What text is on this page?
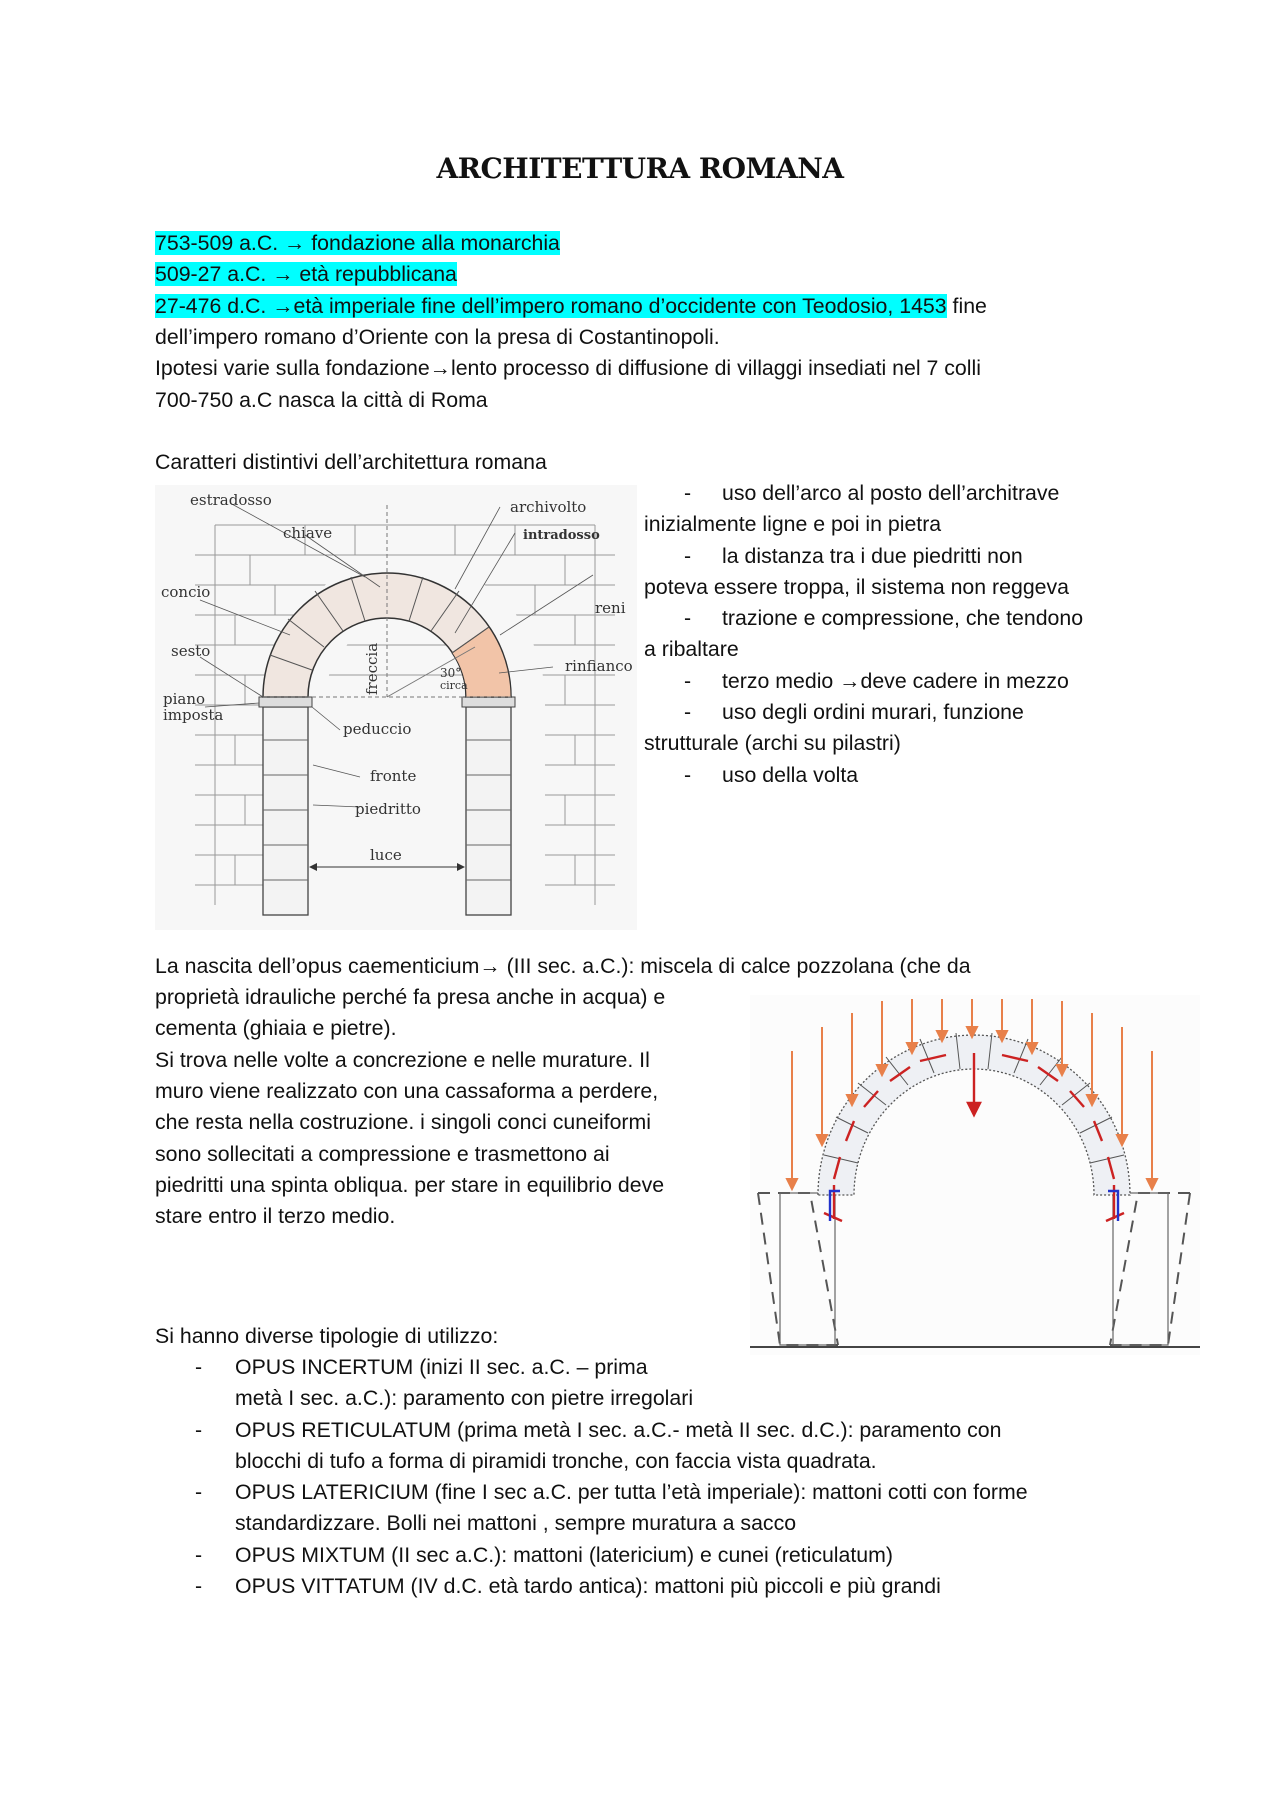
ARCHITETTURA ROMANA
753-509 a.C. → fondazione alla monarchia
509-27 a.C. → età repubblicana
27-476 d.C. →età imperiale fine dell’impero romano d’occidente con Teodosio, 1453 fine
dell’impero romano d’Oriente con la presa di Costantinopoli.
Ipotesi varie sulla fondazione→lento processo di diffusione di villaggi insediati nel 7 colli
700-750 a.C nasca la città di Roma
Caratteri distintivi dell’architettura romana
- uso dell’arco al posto dell’architrave
inizialmente ligne e poi in pietra
- la distanza tra i due piedritti non
poteva essere troppa, il sistema non reggeva
- trazione e compressione, che tendono
a ribaltare
- terzo medio →deve cadere in mezzo
- uso degli ordini murari, funzione
strutturale (archi su pilastri)
- uso della volta
estradosso
chiave
archivolto
intradosso
concio
reni
sesto
rinfianco
piano
imposta
peduccio
fronte
piedritto
luce
30°
circa
freccia
La nascita dell’opus caementicium→ (III sec. a.C.): miscela di calce pozzolana (che da
proprietà idrauliche perché fa presa anche in acqua) e
cementa (ghiaia e pietre).
Si trova nelle volte a concrezione e nelle murature. Il
muro viene realizzato con una cassaforma a perdere,
che resta nella costruzione. i singoli conci cuneiformi
sono sollecitati a compressione e trasmettono ai
piedritti una spinta obliqua. per stare in equilibrio deve
stare entro il terzo medio.
Si hanno diverse tipologie di utilizzo:
-	OPUS INCERTUM (inizi II sec. a.C. – prima
metà I sec. a.C.): paramento con pietre irregolari
-	OPUS RETICULATUM (prima metà I sec. a.C.- metà II sec. d.C.): paramento con
blocchi di tufo a forma di piramidi tronche, con faccia vista quadrata.
-	OPUS LATERICIUM (fine I sec a.C. per tutta l’età imperiale): mattoni cotti con forme
standardizzare. Bolli nei mattoni , sempre muratura a sacco
-	OPUS MIXTUM (II sec a.C.): mattoni (latericium) e cunei (reticulatum)
-	OPUS VITTATUM (IV d.C. età tardo antica): mattoni più piccoli e più grandi
